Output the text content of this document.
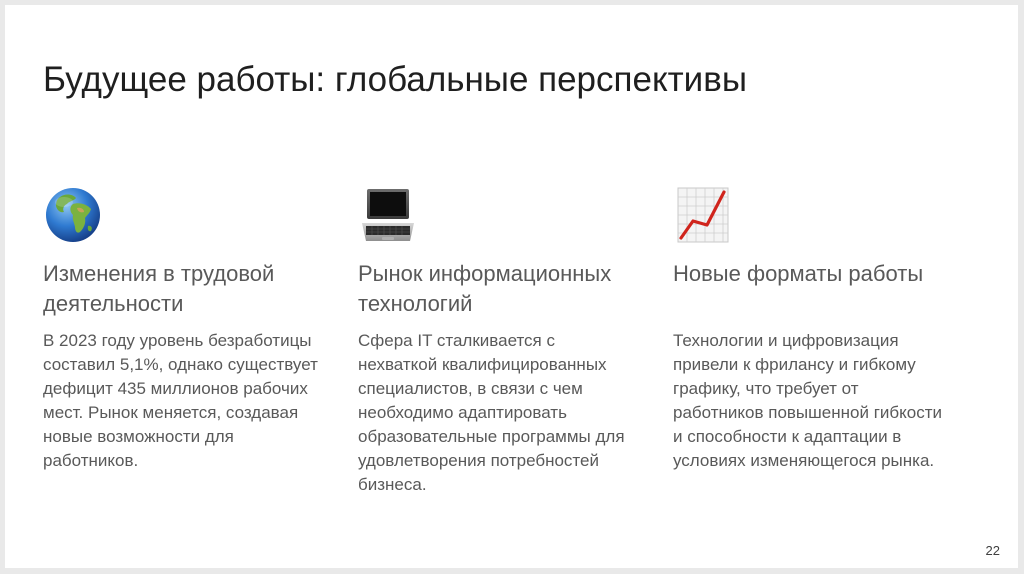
Будущее работы: глобальные перспективы
Изменения в трудовой деятельности
В 2023 году уровень безработицы составил 5,1%, однако существует дефицит 435 миллионов рабочих мест. Рынок меняется, создавая новые возможности для работников.
Рынок информационных технологий
Сфера IT сталкивается с нехваткой квалифицированных специалистов, в связи с чем необходимо адаптировать образовательные программы для удовлетворения потребностей бизнеса.
Новые форматы работы
Технологии и цифровизация привели к фрилансу и гибкому графику, что требует от работников повышенной гибкости и способности к адаптации в условиях изменяющегося рынка.
22
